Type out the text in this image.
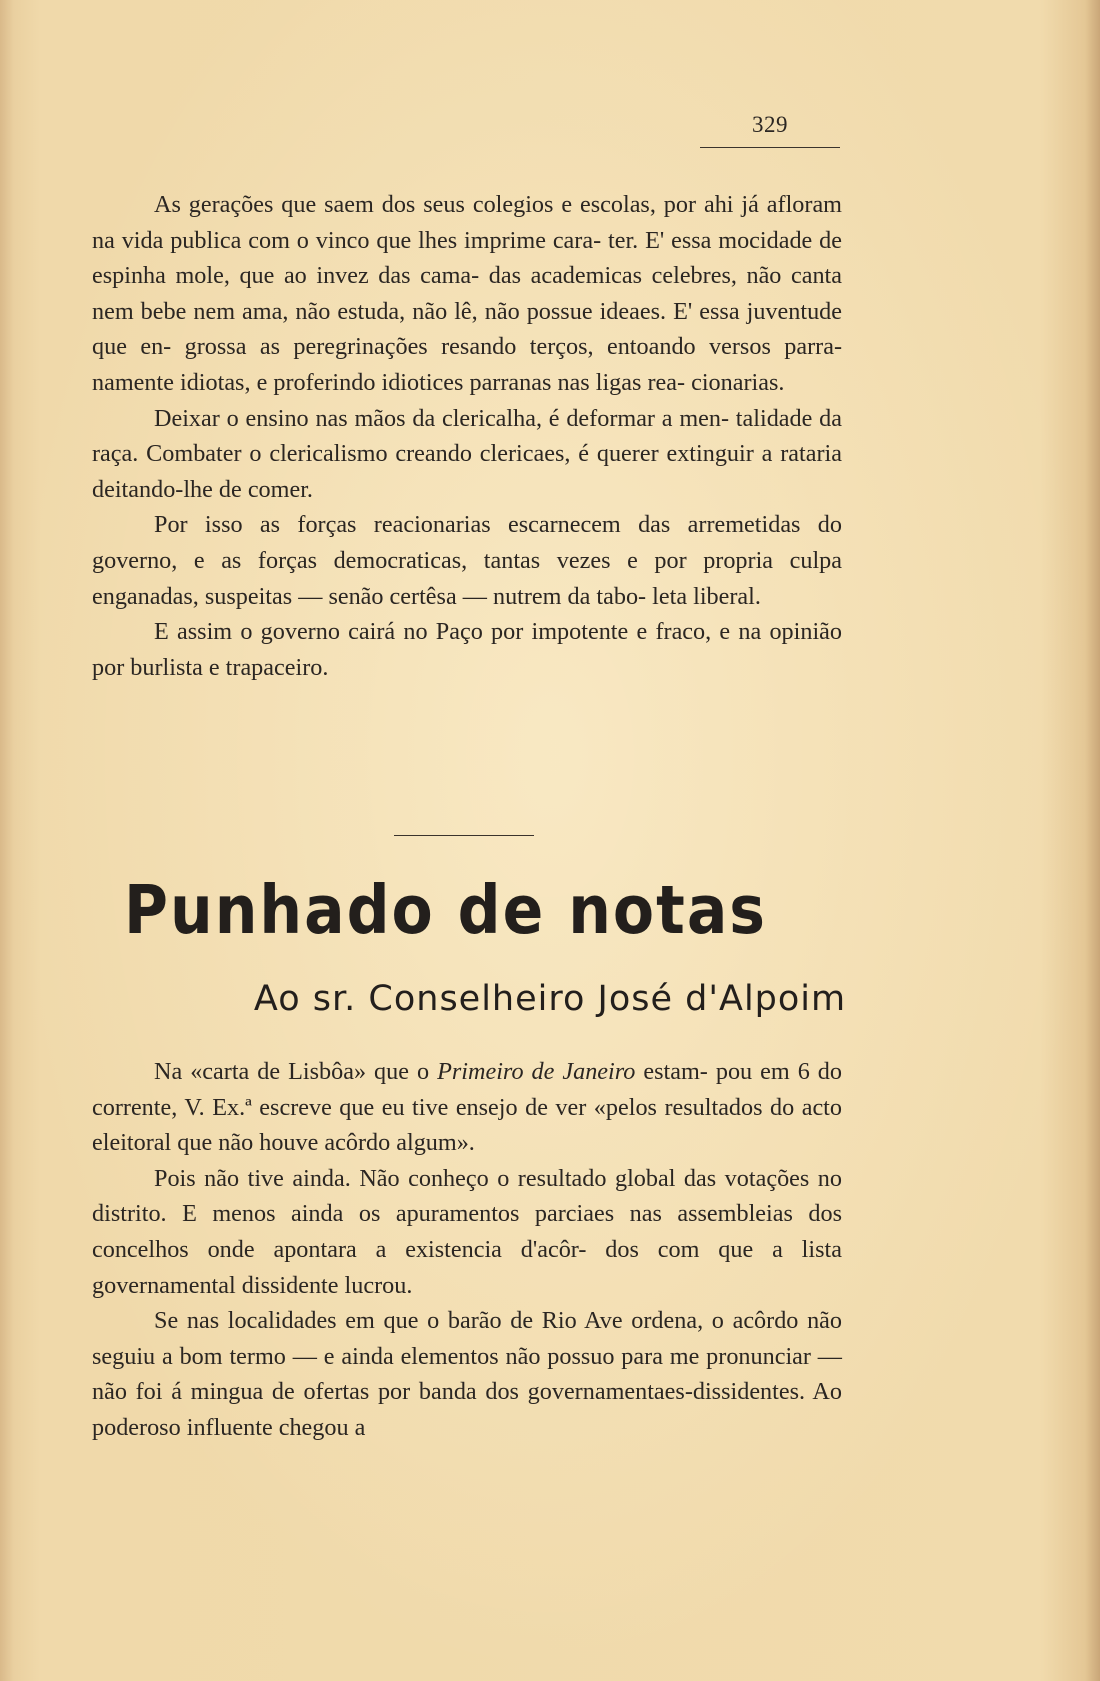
329

As gerações que saem dos seus colegios e escolas, por ahi já afloram na vida publica com o vinco que lhes imprime cara- ter. E' essa mocidade de espinha mole, que ao invez das cama- das academicas celebres, não canta nem bebe nem ama, não estuda, não lê, não possue ideaes. E' essa juventude que en- grossa as peregrinações resando terços, entoando versos parra- namente idiotas, e proferindo idiotices parranas nas ligas rea- cionarias.

Deixar o ensino nas mãos da clericalha, é deformar a men- talidade da raça. Combater o clericalismo creando clericaes, é querer extinguir a rataria deitando-lhe de comer.

Por isso as forças reacionarias escarnecem das arremetidas do governo, e as forças democraticas, tantas vezes e por propria culpa enganadas, suspeitas — senão certêsa — nutrem da tabo- leta liberal.

E assim o governo cairá no Paço por impotente e fraco, e na opinião por burlista e trapaceiro.

Punhado de notas
Ao sr. Conselheiro José d'Alpoim

Na «carta de Lisbôa» que o Primeiro de Janeiro estam- pou em 6 do corrente, V. Ex.ª escreve que eu tive ensejo de ver «pelos resultados do acto eleitoral que não houve acôrdo algum».

Pois não tive ainda. Não conheço o resultado global das votações no distrito. E menos ainda os apuramentos parciaes nas assembleias dos concelhos onde apontara a existencia d'acôr- dos com que a lista governamental dissidente lucrou.

Se nas localidades em que o barão de Rio Ave ordena, o acôrdo não seguiu a bom termo — e ainda elementos não possuo para me pronunciar — não foi á mingua de ofertas por banda dos governamentaes-dissidentes. Ao poderoso influente chegou a
